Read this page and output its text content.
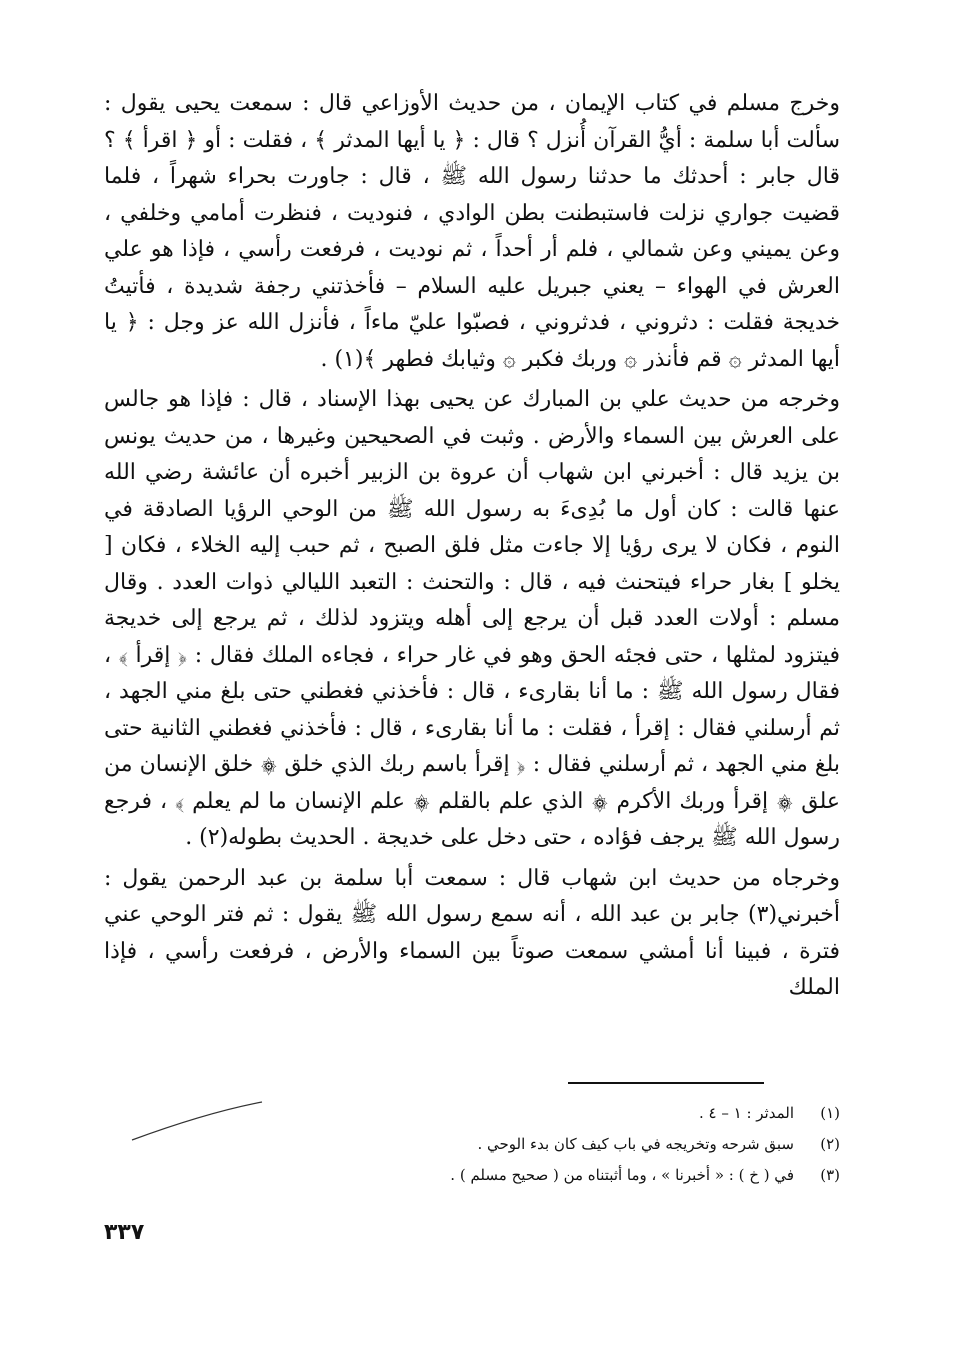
وخرج مسلم في كتاب الإيمان ، من حديث الأوزاعي قال : سمعت يحيى يقول : سألت أبا سلمة : أيُّ القرآن أُنزل ؟ قال : ﴿ يا أيها المدثر ﴾ ، فقلت : أو ﴿ اقرأ ﴾ ؟ قال جابر : أحدثك ما حدثنا رسول الله ﷺ ، قال : جاورت بحراء شهراً ، فلما قضيت جواري نزلت فاستبطنت بطن الوادي ، فنوديت ، فنظرت أمامي وخلفي ، وعن يميني وعن شمالي ، فلم أر أحداً ، ثم نوديت ، فرفعت رأسي ، فإذا هو علي العرش في الهواء – يعني جبريل عليه السلام – فأخذتني رجفة شديدة ، فأتيتُ خديجة فقلت : دثروني ، فدثروني ، فصبّوا عليّ ماءاً ، فأنزل الله عز وجل : ﴿ يا أيها المدثر ۞ قم فأنذر ۞ وربك فكبر ۞ وثيابك فطهر ﴾(١) .

وخرجه من حديث علي بن المبارك عن يحيى بهذا الإسناد ، قال : فإذا هو جالس على العرش بين السماء والأرض . وثبت في الصحيحين وغيرها ، من حديث يونس بن يزيد قال : أخبرني ابن شهاب أن عروة بن الزبير أخبره أن عائشة رضي الله عنها قالت : كان أول ما بُدِىءَ به رسول الله ﷺ من الوحي الرؤيا الصادقة في النوم ، فكان لا يرى رؤيا إلا جاءت مثل فلق الصبح ، ثم حبب إليه الخلاء ، فكان [ يخلو ] بغار حراء فيتحنث فيه ، قال : والتحنث : التعبد الليالي ذوات العدد . وقال مسلم : أولات العدد قبل أن يرجع إلى أهله ويتزود لذلك ، ثم يرجع إلى خديجة فيتزود لمثلها ، حتى فجئه الحق وهو في غار حراء ، فجاءه الملك فقال : ﴿ إقرأ ﴾ ، فقال رسول الله ﷺ : ما أنا بقارىء ، قال : فأخذني فغطني حتى بلغ مني الجهد ، ثم أرسلني فقال : إقرأ ، فقلت : ما أنا بقارىء ، قال : فأخذني فغطني الثانية حتى بلغ مني الجهد ، ثم أرسلني فقال : ﴿ إقرأ باسم ربك الذي خلق ۞ خلق الإنسان من علق ۞ إقرأ وربك الأكرم ۞ الذي علم بالقلم ۞ علم الإنسان ما لم يعلم ﴾ ، فرجع رسول الله ﷺ يرجف فؤاده ، حتى دخل على خديجة . الحديث بطوله(٢) .

وخرجاه من حديث ابن شهاب قال : سمعت أبا سلمة بن عبد الرحمن يقول : أخبرني(٣) جابر بن عبد الله ، أنه سمع رسول الله ﷺ يقول : ثم فتر الوحي عني فترة ، فبينا أنا أمشي سمعت صوتاً بين السماء والأرض ، فرفعت رأسي ، فإذا الملك

(١)
المدثر : ١ – ٤ .
(٢)
سبق شرحه وتخريجه في باب كيف كان بدء الوحي .
(٣)
في ( خ ) : « أخبرنا » ، وما أثبتناه من ( صحيح مسلم ) .
٣٣٧
